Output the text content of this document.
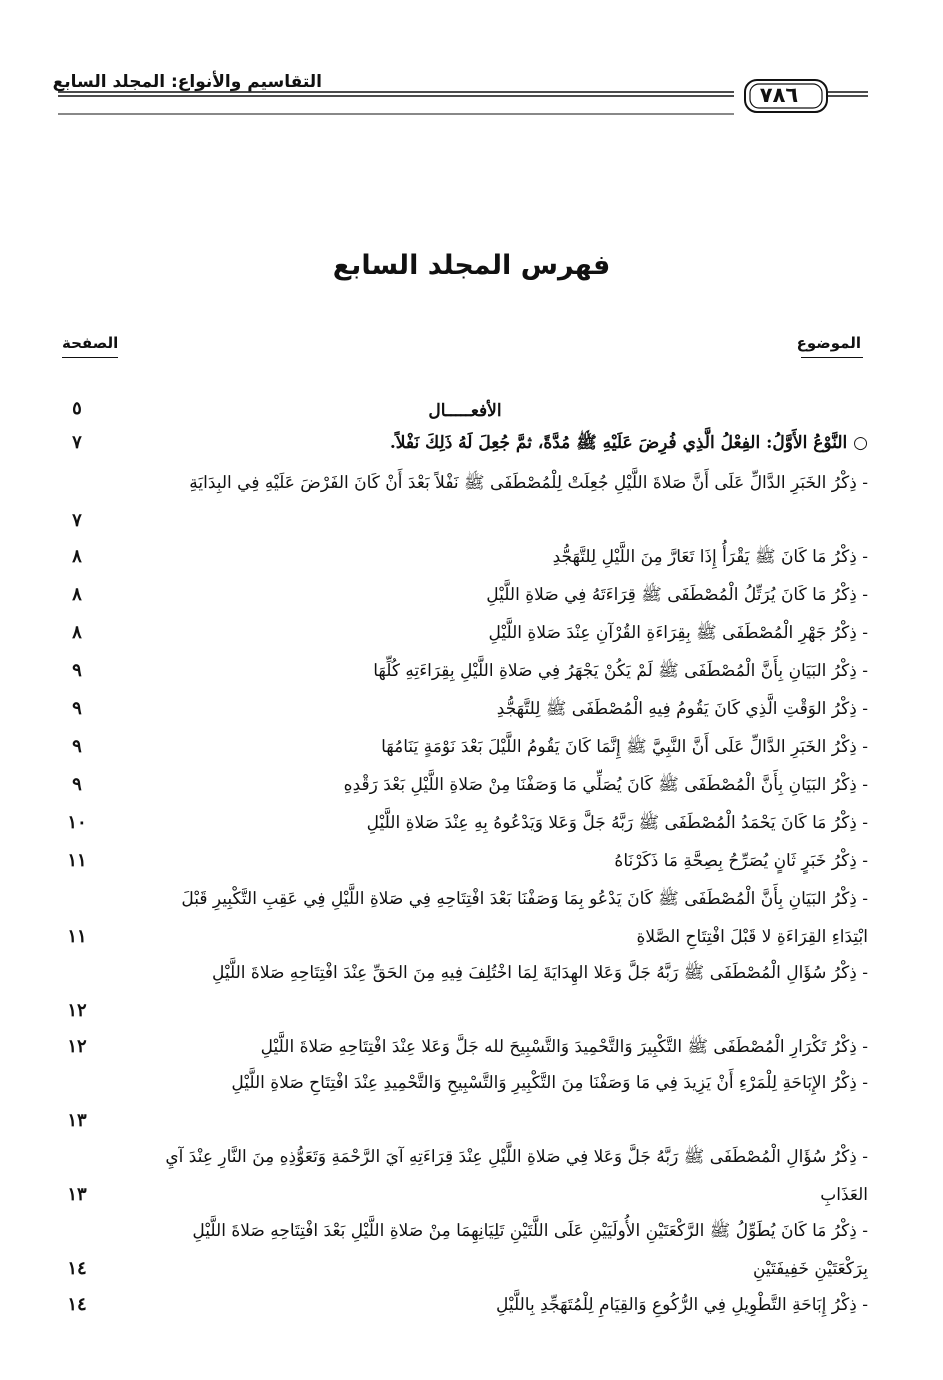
التقاسيم والأنواع: المجلد السابع
٧٨٦
فهرس المجلد السابع
الموضوع
الصفحة
الأفعـــــال
٥
○ النَّوْعُ الأَوَّلُ: الفِعْلُ الَّذِي فُرِضَ عَلَيْهِ ﷺ مُدَّةً، ثمَّ جُعِلَ لَهُ ذَلِكَ نَفْلاً.
٧
- ذِكْرُ الخَبَرِ الدَّالِّ عَلَى أَنَّ صَلاةَ اللَّيْلِ جُعِلَتْ لِلْمُصْطَفَى ﷺ نَفْلاً بَعْدَ أَنْ كَانَ الفَرْضَ عَلَيْهِ فِي البِدَايَةِ
٧
- ذِكْرُ مَا كَانَ ﷺ يَقْرَأُ إِذَا تَعَارَّ مِنَ اللَّيْلِ لِلتَّهَجُّدِ
٨
- ذِكْرُ مَا كَانَ يُرَتِّلُ الْمُصْطَفَى ﷺ قِرَاءَتَهُ فِي صَلاةِ اللَّيْلِ
٨
- ذِكْرُ جَهْرِ الْمُصْطَفَى ﷺ بِقِرَاءَةِ القُرْآنِ عِنْدَ صَلاةِ اللَّيْلِ
٨
- ذِكْرُ البَيَانِ بِأَنَّ الْمُصْطَفَى ﷺ لَمْ يَكُنْ يَجْهَرُ فِي صَلاةِ اللَّيْلِ بِقِرَاءَتِهِ كُلِّهَا
٩
- ذِكْرُ الوَقْتِ الَّذِي كَانَ يَقُومُ فِيهِ الْمُصْطَفَى ﷺ لِلتَّهَجُّدِ
٩
- ذِكْرُ الخَبَرِ الدَّالِّ عَلَى أَنَّ النَّبِيَّ ﷺ إِنَّمَا كَانَ يَقُومُ اللَّيْلَ بَعْدَ نَوْمَةٍ يَنَامُهَا
٩
- ذِكْرُ البَيَانِ بِأَنَّ الْمُصْطَفَى ﷺ كَانَ يُصَلِّي مَا وَصَفْنَا مِنْ صَلاةِ اللَّيْلِ بَعْدَ رَقْدِهِ
٩
- ذِكْرُ مَا كَانَ يَحْمَدُ الْمُصْطَفَى ﷺ رَبَّهُ جَلَّ وَعَلا وَيَدْعُوهُ بِهِ عِنْدَ صَلاةِ اللَّيْلِ
١٠
- ذِكْرُ خَبَرٍ ثَانٍ يُصَرِّحُ بِصِحَّةِ مَا ذَكَرْنَاهُ
١١
- ذِكْرُ البَيَانِ بِأَنَّ الْمُصْطَفَى ﷺ كَانَ يَدْعُو بِمَا وَصَفْنَا بَعْدَ افْتِتَاحِهِ فِي صَلاةِ اللَّيْلِ فِي عَقِبِ التَّكْبِيرِ قَبْلَ ابْتِدَاءِ القِرَاءَةِ لا قَبْلَ افْتِتَاحِ الصَّلاةِ
١١
- ذِكْرُ سُؤَالِ الْمُصْطَفَى ﷺ رَبَّهُ جَلَّ وَعَلا الهِدَايَةَ لِمَا اخْتُلِفَ فِيهِ مِنَ الحَقِّ عِنْدَ افْتِتَاحِهِ صَلاةَ اللَّيْلِ
١٢
- ذِكْرُ تَكْرَارِ الْمُصْطَفَى ﷺ التَّكْبِيرَ وَالتَّحْمِيدَ وَالتَّسْبِيحَ لله جَلَّ وَعَلا عِنْدَ افْتِتَاحِهِ صَلاةَ اللَّيْلِ
١٢
- ذِكْرُ الإِبَاحَةِ لِلْمَرْءِ أَنْ يَزِيدَ فِي مَا وَصَفْنَا مِنَ التَّكْبِيرِ وَالتَّسْبِيحِ وَالتَّحْمِيدِ عِنْدَ افْتِتَاحِ صَلاةِ اللَّيْلِ
١٣
- ذِكْرُ سُؤَالِ الْمُصْطَفَى ﷺ رَبَّهُ جَلَّ وَعَلا فِي صَلاةِ اللَّيْلِ عِنْدَ قِرَاءَتِهِ آيَ الرَّحْمَةِ وَتَعَوُّذِهِ مِنَ النَّارِ عِنْدَ آيِ العَذَابِ
١٣
- ذِكْرُ مَا كَانَ يُطَوِّلُ ﷺ الرَّكْعَتَيْنِ الأُولَيَيْنِ عَلَى اللَّتَيْنِ تَلِيَانِهِمَا مِنْ صَلاةِ اللَّيْلِ بَعْدَ افْتِتَاحِهِ صَلاةَ اللَّيْلِ بِرَكْعَتَيْنِ خَفِيفَتَيْنِ
١٤
- ذِكْرُ إِبَاحَةِ التَّطْوِيلِ فِي الرُّكُوعِ وَالقِيَامِ لِلْمُتَهَجِّدِ بِاللَّيْلِ
١٤
